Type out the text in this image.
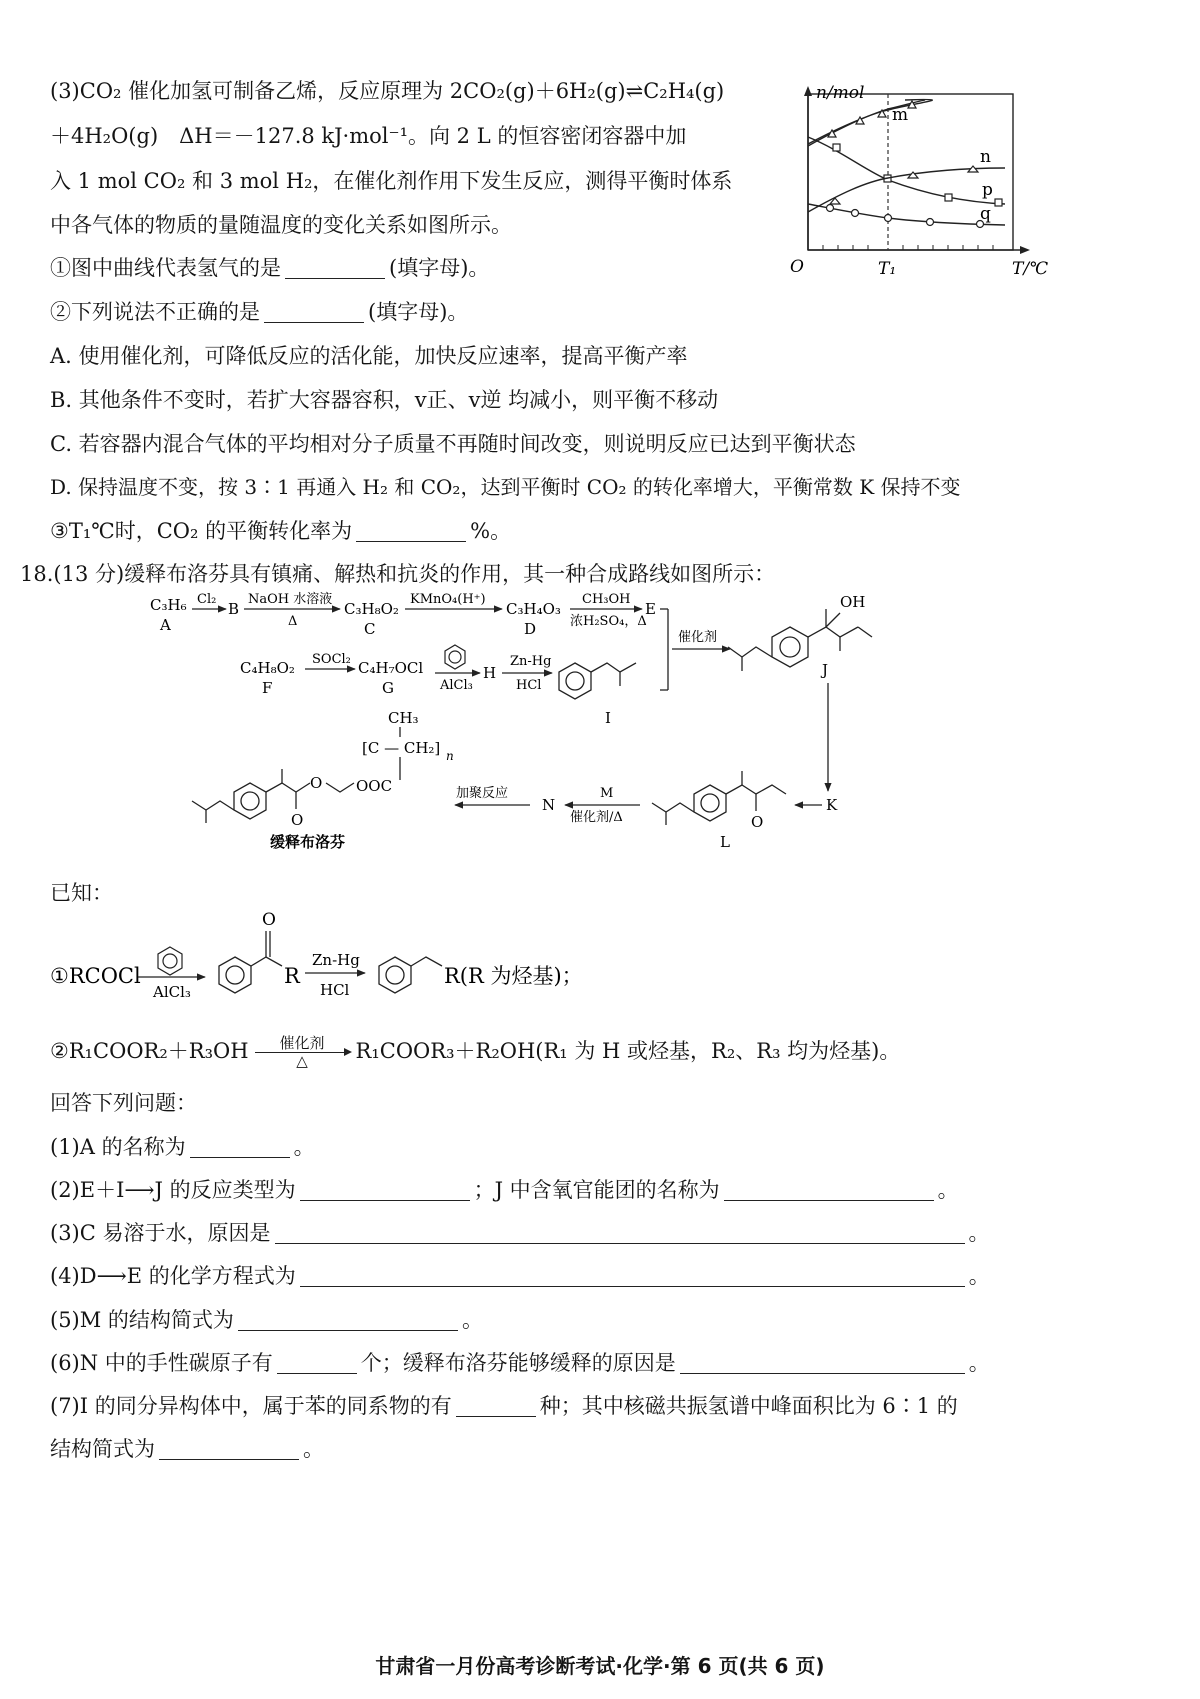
(3)CO₂ 催化加氢可制备乙烯，反应原理为 2CO₂(g)＋6H₂(g)⇌C₂H₄(g)
＋4H₂O(g)　ΔH＝－127.8 kJ·mol⁻¹。向 2 L 的恒容密闭容器中加
入 1 mol CO₂ 和 3 mol H₂，在催化剂作用下发生反应，测得平衡时体系
中各气体的物质的量随温度的变化关系如图所示。
①图中曲线代表氢气的是	(填字母)。
②下列说法不正确的是	(填字母)。
A. 使用催化剂，可降低反应的活化能，加快反应速率，提高平衡产率
B. 其他条件不变时，若扩大容器容积，v正、v逆 均减小，则平衡不移动
C. 若容器内混合气体的平均相对分子质量不再随时间改变，则说明反应已达到平衡状态
D. 保持温度不变，按 3∶1 再通入 H₂ 和 CO₂，达到平衡时 CO₂ 的转化率增大，平衡常数 K 保持不变
③T₁℃时，CO₂ 的平衡转化率为	%。
n/mol
T/℃
O	T₁
m
n
p
q
18.(13 分)缓释布洛芬具有镇痛、解热和抗炎的作用，其一种合成路线如图所示：
C₃H₆
A
Cl₂
B
NaOH 水溶液
Δ
C₃H₈O₂
C
KMnO₄(H⁺)
C₃H₄O₃
D
CH₃OH
浓H₂SO₄，Δ
E
催化剂
OH
J
C₄H₈O₂
F
SOCl₂ C₄H₇OCl
G	AlCl₃
H
Zn-Hg
HCl
I
K
O
L
M
催化剂/Δ
N
加聚反应
CH₃
[C — CH₂] n
O
O
OOC
缓释布洛芬
已知：
①RCOCl
AlCl₃
O
R
Zn-Hg
HCl
R(R 为烃基)；
②R₁COOR₂＋R₃OH	催化剂
△	R₁COOR₃＋R₂OH(R₁ 为 H 或烃基，R₂、R₃ 均为烃基)。
回答下列问题：
(1)A 的名称为	。
(2)E＋I⟶J 的反应类型为	；J 中含氧官能团的名称为	。
(3)C 易溶于水，原因是	。
(4)D⟶E 的化学方程式为	。
(5)M 的结构简式为	。
(6)N 中的手性碳原子有	个；缓释布洛芬能够缓释的原因是	。
(7)I 的同分异构体中，属于苯的同系物的有	种；其中核磁共振氢谱中峰面积比为 6∶1 的
结构简式为	。
甘肃省一月份高考诊断考试·化学·第 6 页(共 6 页)
